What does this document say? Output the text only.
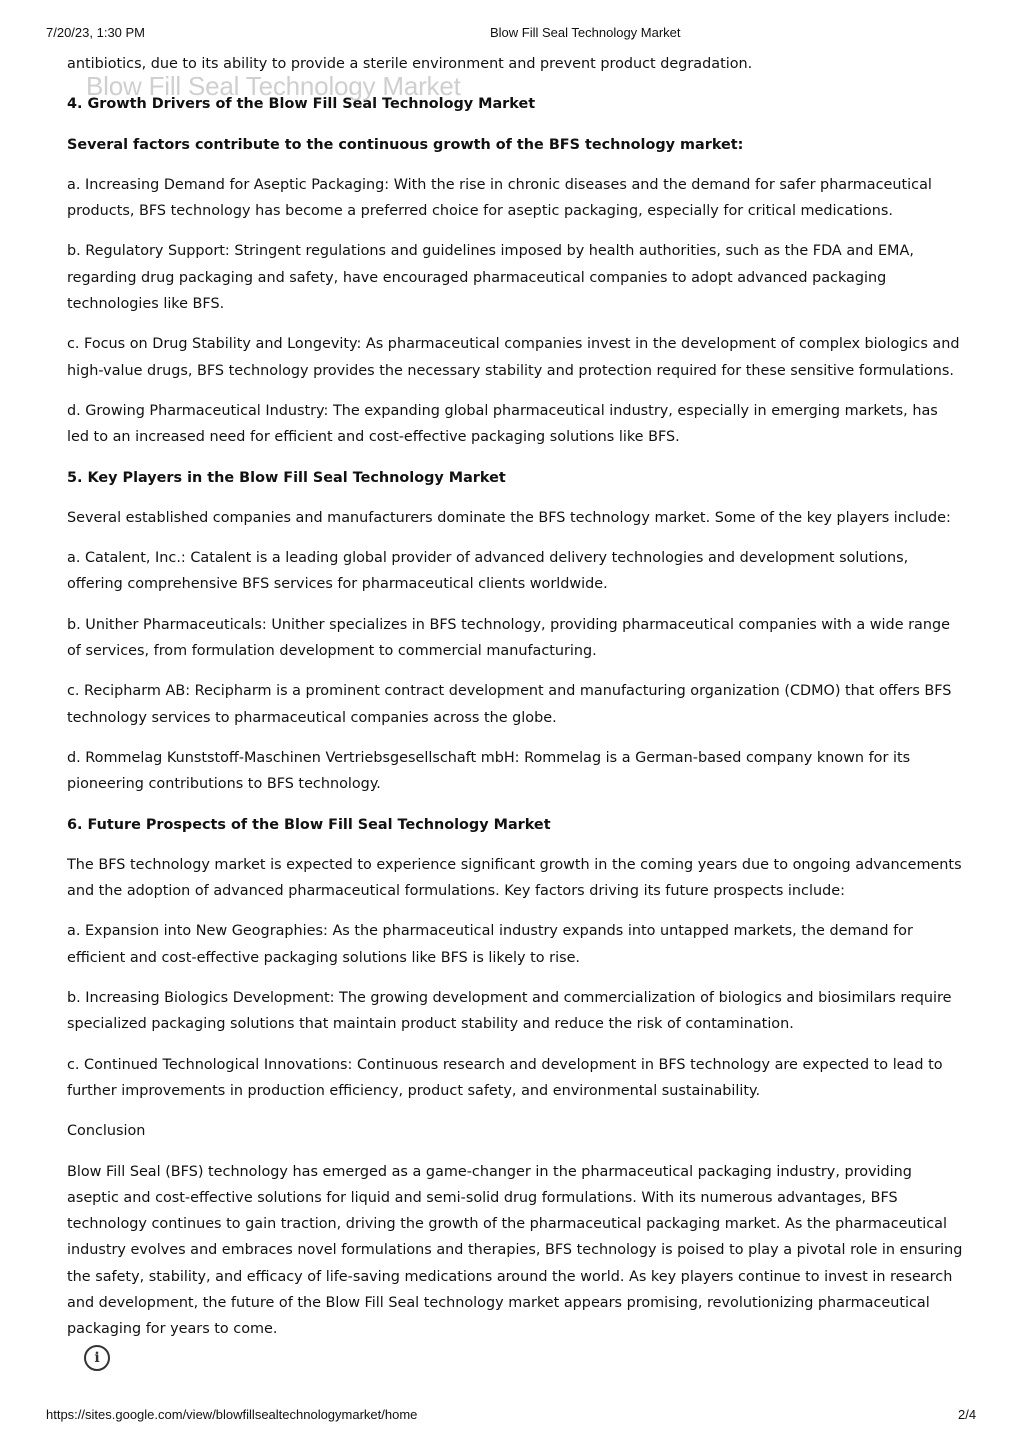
7/20/23, 1:30 PM	Blow Fill Seal Technology Market

antibiotics, due to its ability to provide a sterile environment and prevent product degradation.

4. Growth Drivers of the Blow Fill Seal Technology Market

Several factors contribute to the continuous growth of the BFS technology market:

a. Increasing Demand for Aseptic Packaging: With the rise in chronic diseases and the demand for safer pharmaceutical products, BFS technology has become a preferred choice for aseptic packaging, especially for critical medications.

b. Regulatory Support: Stringent regulations and guidelines imposed by health authorities, such as the FDA and EMA, regarding drug packaging and safety, have encouraged pharmaceutical companies to adopt advanced packaging technologies like BFS.

c. Focus on Drug Stability and Longevity: As pharmaceutical companies invest in the development of complex biologics and high-value drugs, BFS technology provides the necessary stability and protection required for these sensitive formulations.

d. Growing Pharmaceutical Industry: The expanding global pharmaceutical industry, especially in emerging markets, has led to an increased need for efficient and cost-effective packaging solutions like BFS.

5. Key Players in the Blow Fill Seal Technology Market

Several established companies and manufacturers dominate the BFS technology market. Some of the key players include:

a. Catalent, Inc.: Catalent is a leading global provider of advanced delivery technologies and development solutions, offering comprehensive BFS services for pharmaceutical clients worldwide.

b. Unither Pharmaceuticals: Unither specializes in BFS technology, providing pharmaceutical companies with a wide range of services, from formulation development to commercial manufacturing.

c. Recipharm AB: Recipharm is a prominent contract development and manufacturing organization (CDMO) that offers BFS technology services to pharmaceutical companies across the globe.

d. Rommelag Kunststoff-Maschinen Vertriebsgesellschaft mbH: Rommelag is a German-based company known for its pioneering contributions to BFS technology.

6. Future Prospects of the Blow Fill Seal Technology Market

The BFS technology market is expected to experience significant growth in the coming years due to ongoing advancements and the adoption of advanced pharmaceutical formulations. Key factors driving its future prospects include:

a. Expansion into New Geographies: As the pharmaceutical industry expands into untapped markets, the demand for efficient and cost-effective packaging solutions like BFS is likely to rise.

b. Increasing Biologics Development: The growing development and commercialization of biologics and biosimilars require specialized packaging solutions that maintain product stability and reduce the risk of contamination.

c. Continued Technological Innovations: Continuous research and development in BFS technology are expected to lead to further improvements in production efficiency, product safety, and environmental sustainability.

Conclusion

Blow Fill Seal (BFS) technology has emerged as a game-changer in the pharmaceutical packaging industry, providing aseptic and cost-effective solutions for liquid and semi-solid drug formulations. With its numerous advantages, BFS technology continues to gain traction, driving the growth of the pharmaceutical packaging market. As the pharmaceutical industry evolves and embraces novel formulations and therapies, BFS technology is poised to play a pivotal role in ensuring the safety, stability, and efficacy of life-saving medications around the world. As key players continue to invest in research and development, the future of the Blow Fill Seal technology market appears promising, revolutionizing pharmaceutical packaging for years to come.

Blow Fill Seal Technology Market
i
https://sites.google.com/view/blowfillsealtechnologymarket/home	2/4
